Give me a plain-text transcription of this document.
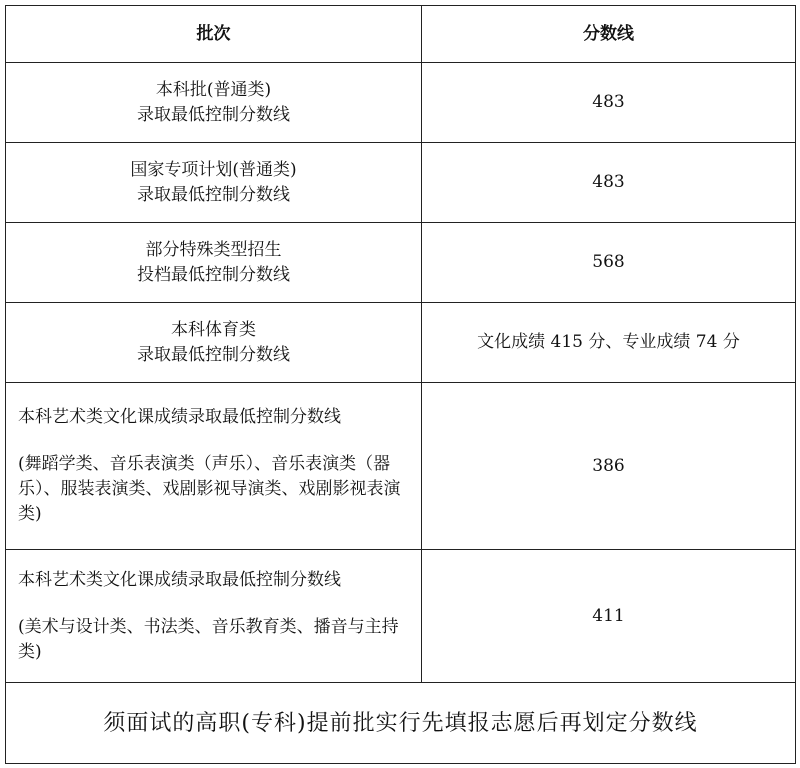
批次	分数线

本科批(普通类)
录取最低控制分数线	483

国家专项计划(普通类)
录取最低控制分数线	483

部分特殊类型招生
投档最低控制分数线	568

本科体育类
录取最低控制分数线	文化成绩 415 分、专业成绩 74 分

本科艺术类文化课成绩录取最低控制分数线
(舞蹈学类、音乐表演类（声乐）、音乐表演类（器乐）、服装表演类、戏剧影视导演类、戏剧影视表演类)	386

本科艺术类文化课成绩录取最低控制分数线
(美术与设计类、书法类、音乐教育类、播音与主持类)	411
须面试的高职(专科)提前批实行先填报志愿后再划定分数线	
